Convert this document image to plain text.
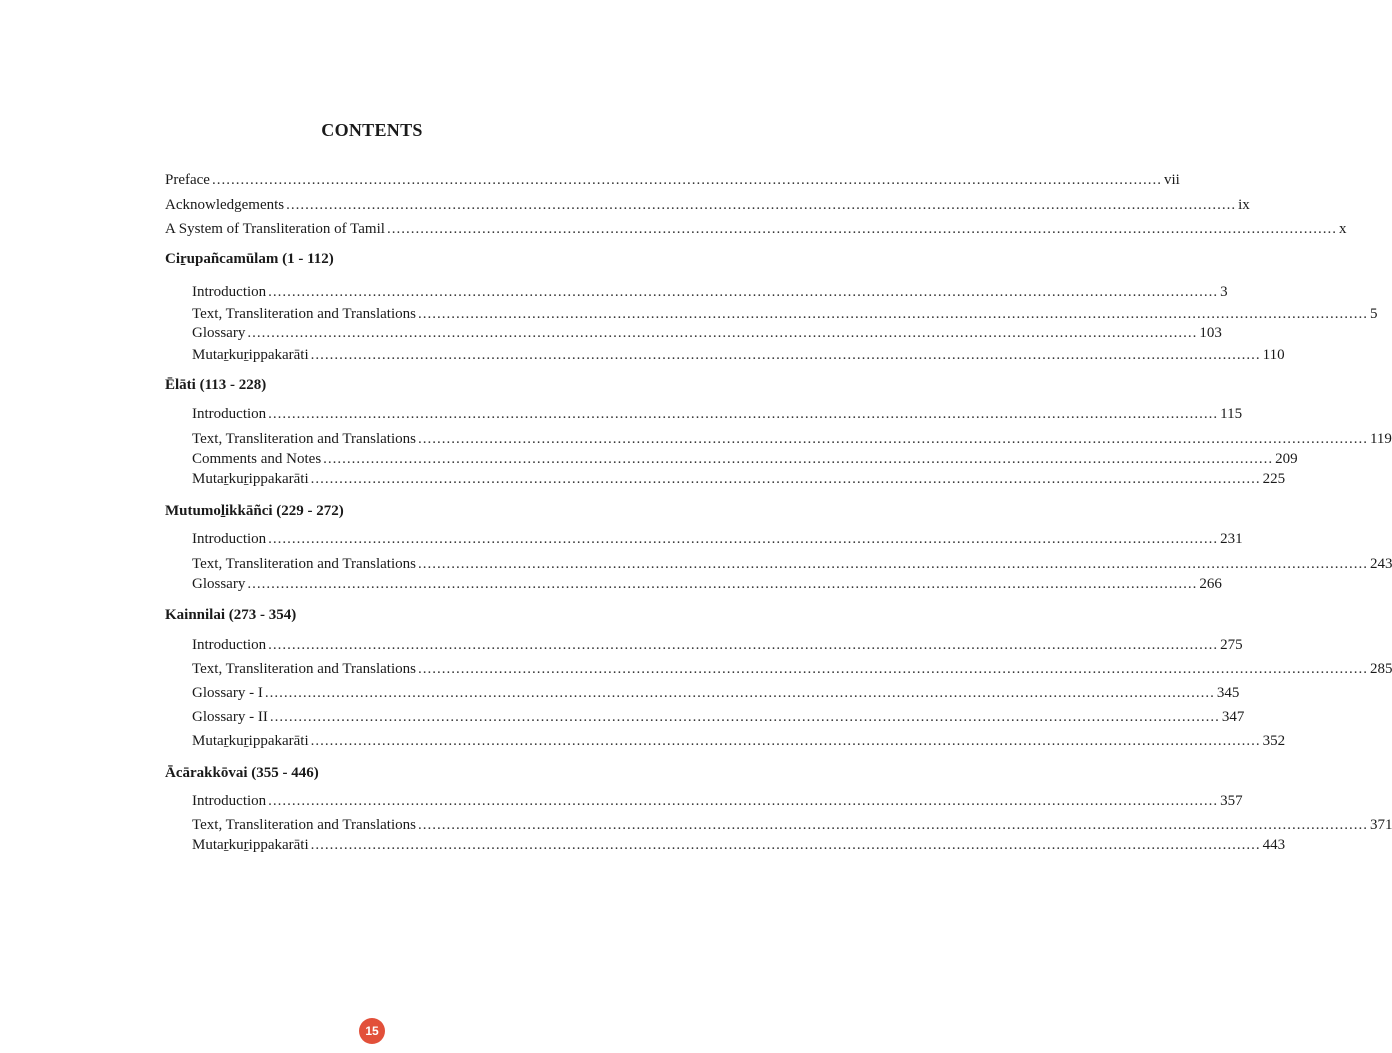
CONTENTS
Preface ........................................................................................................................................................................................................ vii
Acknowledgements ........................................................................................................................................................................................................ ix
A System of Transliteration of Tamil ........................................................................................................................................................................................................ x
Ciṟupañcamūlam (1 - 112)
Introduction ........................................................................................................................................................................................................ 3
Text, Transliteration and Translations ........................................................................................................................................................................................................ 5
Glossary ........................................................................................................................................................................................................ 103
Mutaṟkuṟippakarāti ........................................................................................................................................................................................................ 110
Ēlāti (113 - 228)
Introduction ........................................................................................................................................................................................................ 115
Text, Transliteration and Translations ........................................................................................................................................................................................................ 119
Comments and Notes ........................................................................................................................................................................................................ 209
Mutaṟkuṟippakarāti ........................................................................................................................................................................................................ 225
Mutumoḻikkāñci (229 - 272)
Introduction ........................................................................................................................................................................................................ 231
Text, Transliteration and Translations ........................................................................................................................................................................................................ 243
Glossary ........................................................................................................................................................................................................ 266
Kainnilai (273 - 354)
Introduction ........................................................................................................................................................................................................ 275
Text, Transliteration and Translations ........................................................................................................................................................................................................ 285
Glossary - I ........................................................................................................................................................................................................ 345
Glossary - II ........................................................................................................................................................................................................ 347
Mutaṟkuṟippakarāti ........................................................................................................................................................................................................ 352
Ācārakkōvai (355 - 446)
Introduction ........................................................................................................................................................................................................ 357
Text, Transliteration and Translations ........................................................................................................................................................................................................ 371
Mutaṟkuṟippakarāti ........................................................................................................................................................................................................ 443
15
